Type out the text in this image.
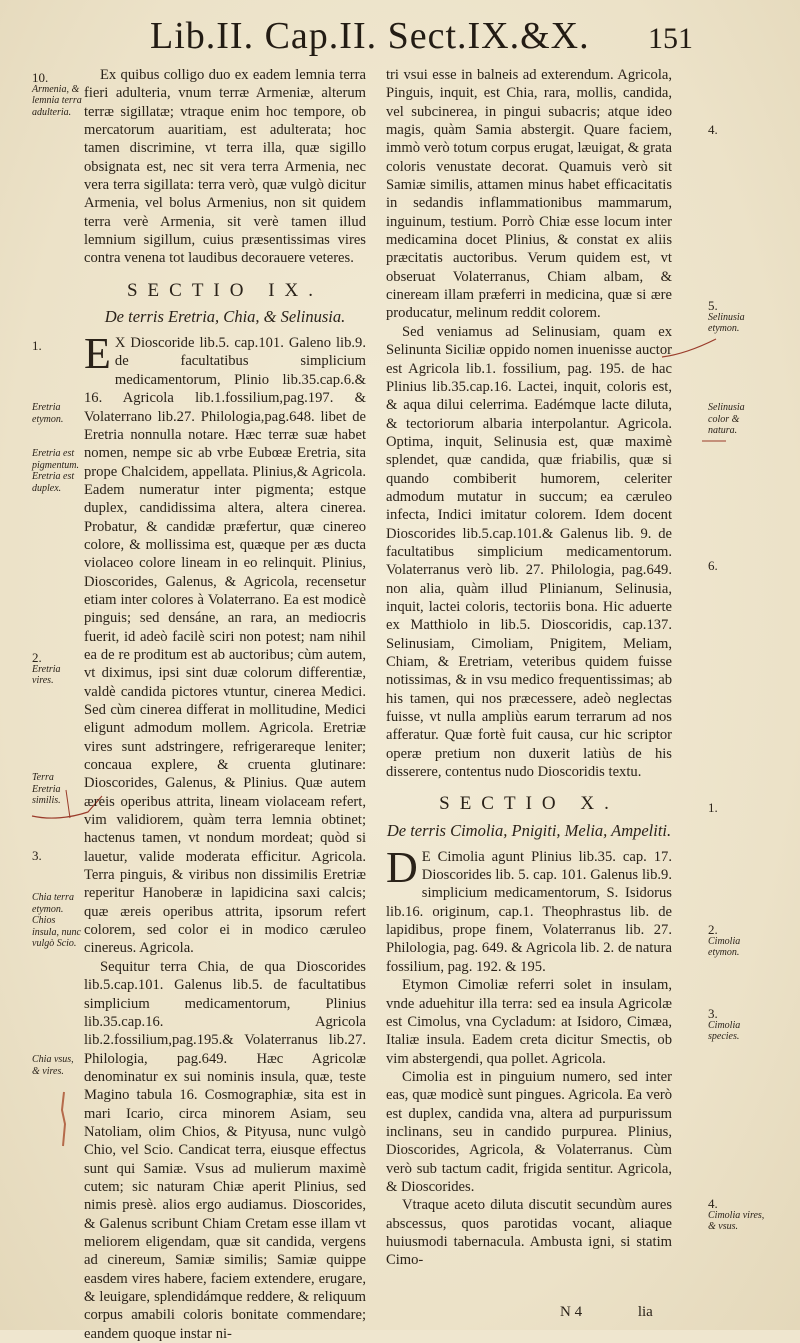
Lib.II. Cap.II. Sect.IX.&X.	151
10.
Armenia, & lemnia terra adulteria.
1.
Eretria etymon.
Eretria est pigmentum. Eretria est duplex.
2.
Eretria vires.
Terra Eretria similis.
3.
Chia terra etymon. Chios insula, nunc vulgò Scio.
Chia vsus, & vires.

Ex quibus colligo duo ex eadem lemnia terra fieri adulteria, vnum terræ Armeniæ, alterum terræ sigillatæ; vtraque enim hoc tempore, ob mercatorum auaritiam, est adulterata; hoc tamen discrimine, vt terra illa, quæ sigillo obsignata est, nec sit vera terra Armenia, nec vera terra sigillata: terra verò, quæ vulgò dicitur Armenia, vel bolus Armenius, non sit quidem terra verè Armenia, sit verè tamen illud lemnium sigillum, cuius præsentissimas vires contra venena tot laudibus decorauere veteres.

SECTIO IX.
De terris Eretria, Chia, & Selinusia.

E X Dioscoride lib.5. cap.101. Galeno lib.9. de facultatibus simplicium medicamentorum, Plinio lib.35.cap.6.& 16. Agricola lib.1.fossilium,pag.197. & Volaterrano lib.27. Philologia,pag.648. libet de Eretria nonnulla notare. Hæc terræ suæ habet nomen, nempe sic ab vrbe Eubœæ Eretria, sita prope Chalcidem, appellata. Plinius,& Agricola. Eadem numeratur inter pigmenta; estque duplex, candidissima altera, altera cinerea. Probatur, & candidæ præfertur, quæ cinereo colore, & mollissima est, quæque per æs ducta violaceo colore lineam in eo relinquit. Plinius, Dioscorides, Galenus, & Agricola, recensetur etiam inter colores à Volaterrano. Ea est modicè pinguis; sed densáne, an rara, an mediocris fuerit, id adeò facilè sciri non potest; nam nihil ea de re proditum est ab auctoribus; cùm autem, vt diximus, ipsi sint duæ colorum differentiæ, valdè candida pictores vtuntur, cinerea Medici. Sed cùm cinerea differat in mollitudine, Medici eligunt admodum mollem. Agricola. Eretriæ vires sunt adstringere, refrigerareque leniter; concaua explere, & cruenta glutinare: Dioscorides, Galenus, & Plinius. Quæ autem æreis operibus attrita, lineam violaceam refert, vim validiorem, quàm terra lemnia obtinet; hactenus tamen, vt nondum mordeat; quòd si lauetur, valide moderata efficitur. Agricola. Terra pinguis, & viribus non dissimilis Eretriæ reperitur Hanoberæ in lapidicina saxi calcis; quæ æreis operibus attrita, ipsorum refert colorem, sed color ei in modico cæruleo cinereus. Agricola.

Sequitur terra Chia, de qua Dioscorides lib.5.cap.101. Galenus lib.5. de facultatibus simplicium medicamentorum, Plinius lib.35.cap.16. Agricola lib.2.fossilium,pag.195.& Volaterranus lib.27. Philologia, pag.649. Hæc Agricolæ denominatur ex sui nominis insula, quæ, teste Magino tabula 16. Cosmographiæ, sita est in mari Icario, circa minorem Asiam, seu Natoliam, olim Chios, & Pityusa, nunc vulgò Chio, vel Scio. Candicat terra, eiusque effectus sunt qui Samiæ. Vsus ad mulierum maximè cutem; sic naturam Chiæ aperit Plinius, sed nimis presè. alios ergo audiamus. Dioscorides, & Galenus scribunt Chiam Cretam esse illam vt meliorem eligendam, quæ sit candida, vergens ad cinereum, Samiæ similis; Samiæ quippe easdem vires habere, faciem extendere, erugare, & leuigare, splendidámque reddere, & reliquum corpus amabili coloris bonitate commendare; eandem quoque instar ni-

tri vsui esse in balneis ad exterendum. Agricola, Pinguis, inquit, est Chia, rara, mollis, candida, vel subcinerea, in pingui subacris; atque ideo magis, quàm Samia abstergit. Quare faciem, immò verò totum corpus erugat, læuigat, & grata coloris venustate decorat. Quamuis verò sit Samiæ similis, attamen minus habet efficacitatis in sedandis inflammationibus mammarum, inguinum, testium. Porrò Chiæ esse locum inter medicamina docet Plinius, & constat ex aliis præcitatis auctoribus. Verum quidem est, vt obseruat Volaterranus, Chiam albam, & cineream illam præferri in medicina, quæ si ære producatur, melinum reddit colorem.

Sed veniamus ad Selinusiam, quam ex Selinunta Siciliæ oppido nomen inuenisse auctor est Agricola lib.1. fossilium, pag. 195. de hac Plinius lib.35.cap.16. Lactei, inquit, coloris est, & aqua dilui celerrima. Eadémque lacte diluta, & tectoriorum albaria interpolantur. Agricola. Optima, inquit, Selinusia est, quæ maximè splendet, quæ candida, quæ friabilis, quæ si quando combiberit humorem, celeriter admodum mutatur in succum; ea cæruleo infecta, Indici imitatur colorem. Idem docent Dioscorides lib.5.cap.101.& Galenus lib. 9. de facultatibus simplicium medicamentorum. Volaterranus verò lib. 27. Philologia, pag.649. non alia, quàm illud Plinianum, Selinusia, inquit, lactei coloris, tectoriis bona. Hic aduerte ex Matthiolo in lib.5. Dioscoridis, cap.137. Selinusiam, Cimoliam, Pnigitem, Meliam, Chiam, & Eretriam, veteribus quidem fuisse notissimas, & in vsu medico frequentissimas; ab his tamen, qui nos præcessere, adeò neglectas fuisse, vt nulla ampliùs earum terrarum ad nos afferatur. Quæ fortè fuit causa, cur hic scriptor operæ pretium non duxerit latiùs de his disserere, contentus nudo Dioscoridis textu.

SECTIO X.
De terris Cimolia, Pnigiti, Melia, Ampeliti.

D E Cimolia agunt Plinius lib.35. cap. 17. Dioscorides lib. 5. cap. 101. Galenus lib.9. simplicium medicamentorum, S. Isidorus lib.16. originum, cap.1. Theophrastus lib. de lapidibus, prope finem, Volaterranus lib. 27. Philologia, pag. 649. & Agricola lib. 2. de natura fossilium, pag. 192. & 195.

Etymon Cimoliæ referri solet in insulam, vnde aduehitur illa terra: sed ea insula Agricolæ est Cimolus, vna Cycladum: at Isidoro, Cimæa, Italiæ insula. Eadem creta dicitur Smectis, ob vim abstergendi, qua pollet. Agricola.

Cimolia est in pinguium numero, sed inter eas, quæ modicè sunt pingues. Agricola. Ea verò est duplex, candida vna, altera ad purpurissum inclinans, seu in candido purpurea. Plinius, Dioscorides, Agricola, & Volaterranus. Cùm verò sub tactum cadit, frigida sentitur. Agricola, & Dioscorides.

Vtraque aceto diluta discutit secundùm aures abscessus, quos parotidas vocant, aliaque huiusmodi tabernacula. Ambusta igni, si statim Cimo-

4.
5.
Selinusia etymon.
Selinusia color & natura.
6.
1.
2.
Cimolia etymon.
3.
Cimolia species.
4.
Cimolia vires, & vsus.
N 4	lia
